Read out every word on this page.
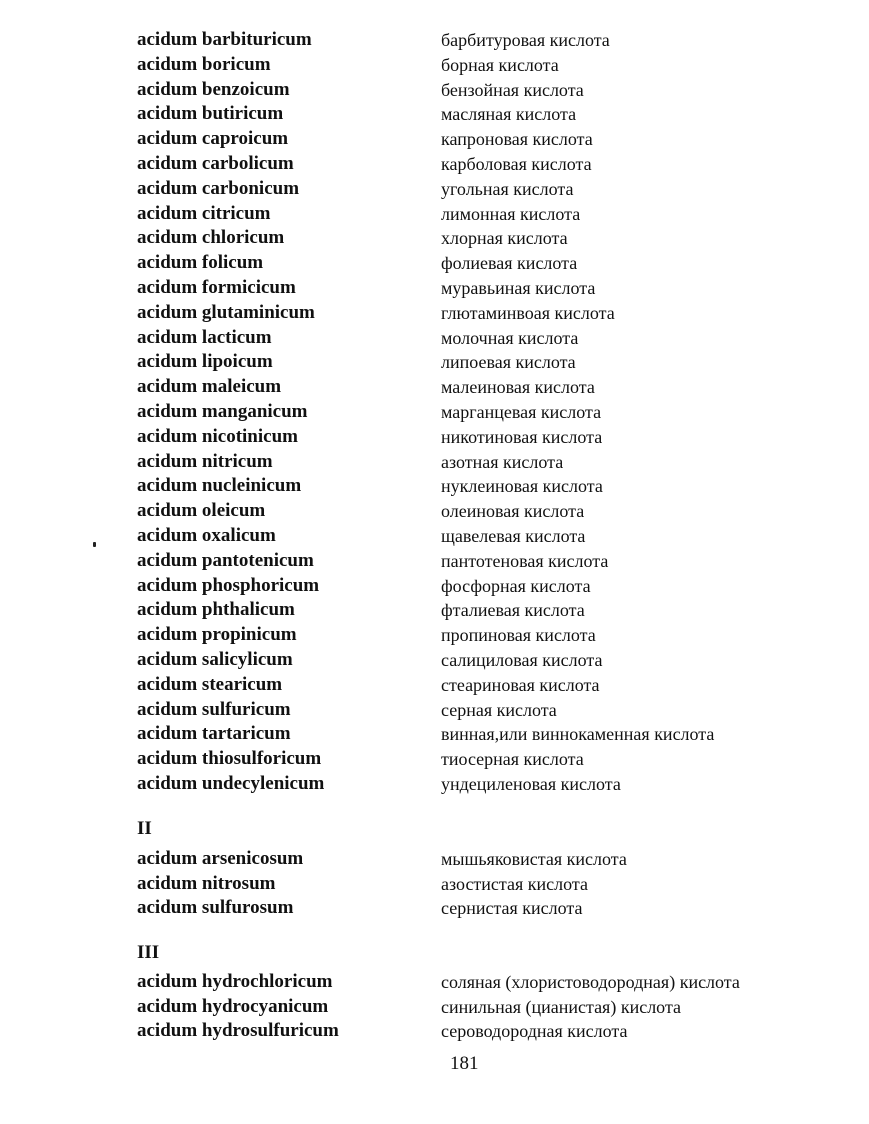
acidum barbituricum	барбитуровая кислота
acidum boricum	борная кислота
acidum benzoicum	бензойная кислота
acidum butiricum	масляная кислота
acidum caproicum	капроновая кислота
acidum carbolicum	карболовая кислота
acidum carbonicum	угольная кислота
acidum citricum	лимонная кислота
acidum chloricum	хлорная кислота
acidum folicum	фолиевая кислота
acidum formicicum	муравьиная кислота
acidum glutaminicum	глютаминвоая кислота
acidum lacticum	молочная кислота
acidum lipoicum	липоевая кислота
acidum maleicum	малеиновая кислота
acidum manganicum	марганцевая кислота
acidum nicotinicum	никотиновая кислота
acidum nitricum	азотная кислота
acidum nucleinicum	нуклеиновая кислота
acidum oleicum	олеиновая кислота
acidum oxalicum	щавелевая кислота
acidum pantotenicum	пантотеновая кислота
acidum phosphoricum	фосфорная кислота
acidum phthalicum	фталиевая кислота
acidum propinicum	пропиновая кислота
acidum salicylicum	салициловая кислота
acidum stearicum	стеариновая кислота
acidum sulfuricum	серная кислота
acidum tartaricum	винная,или виннокаменная кислота
acidum thiosulforicum	тиосерная кислота
acidum undecylenicum	ундециленовая кислота
II
acidum arsenicosum	мышьяковистая кислота
acidum nitrosum	азостистая кислота
acidum sulfurosum	сернистая кислота
III
acidum hydrochloricum	соляная (хлористоводородная) кислота
acidum hydrocyanicum	синильная (цианистая) кислота
acidum hydrosulfuricum	сероводородная кислота
181
